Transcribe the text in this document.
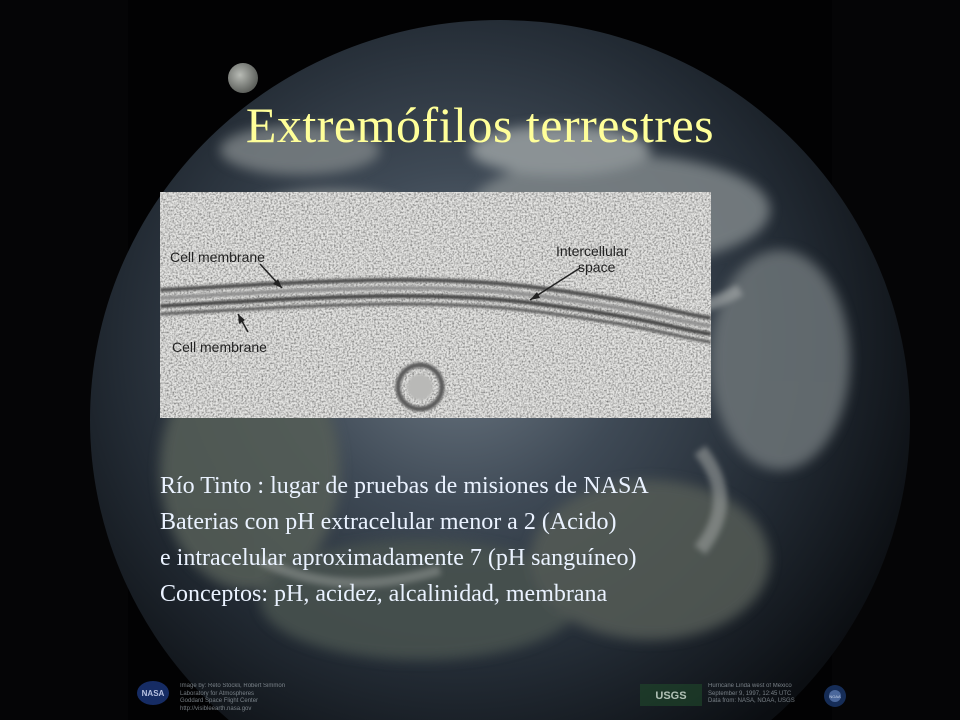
Extremófilos terrestres
Cell membrane	Intercellular
space
Cell membrane
Río Tinto : lugar de pruebas de misiones de NASA
Baterias con pH extracelular menor a 2 (Acido)
e intracelular aproximadamente 7 (pH sanguíneo)
Conceptos: pH, acidez, alcalinidad, membrana
NASA
Image by: Reto Stöckli, Robert Simmon
Laboratory for Atmospheres
Goddard Space Flight Center
http://visibleearth.nasa.gov
USGS
Hurricane Linda west of Mexico
September 9, 1997, 12:45 UTC
Data from: NASA, NOAA, USGS
NOAA
